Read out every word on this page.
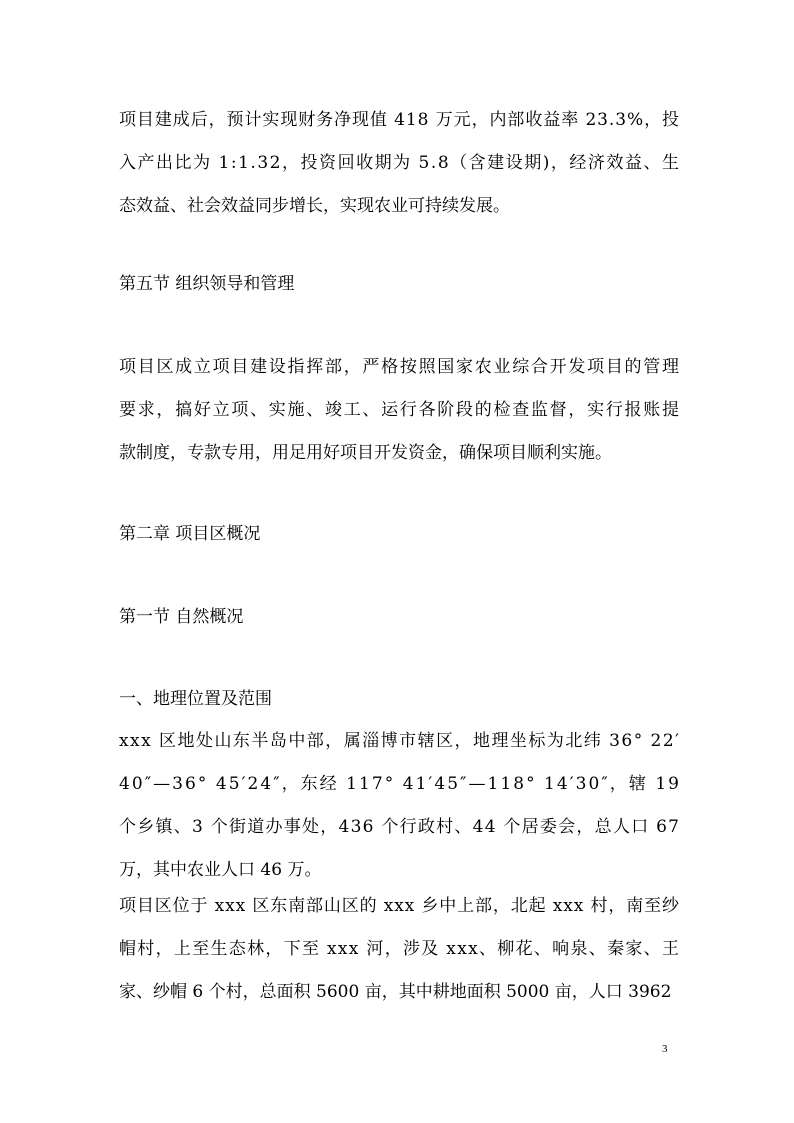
项目建成后，预计实现财务净现值 418 万元，内部收益率 23.3%，投
入产出比为 1:1.32，投资回收期为 5.8（含建设期)，经济效益、生
态效益、社会效益同步增长，实现农业可持续发展。
第五节 组织领导和管理
项目区成立项目建设指挥部，严格按照国家农业综合开发项目的管理
要求，搞好立项、实施、竣工、运行各阶段的检查监督，实行报账提
款制度，专款专用，用足用好项目开发资金，确保项目顺利实施。
第二章 项目区概况
第一节 自然概况
一、地理位置及范围
xxx 区地处山东半岛中部，属淄博市辖区，地理坐标为北纬 36° 22′
40″—36° 45′24″，东经 117° 41′45″—118° 14′30″，辖 19
个乡镇、3 个街道办事处，436 个行政村、44 个居委会，总人口 67
万，其中农业人口 46 万。
项目区位于 xxx 区东南部山区的 xxx 乡中上部，北起 xxx 村，南至纱
帽村，上至生态林，下至 xxx 河，涉及 xxx、柳花、响泉、秦家、王
家、纱帽 6 个村，总面积 5600 亩，其中耕地面积 5000 亩，人口 3962
3
